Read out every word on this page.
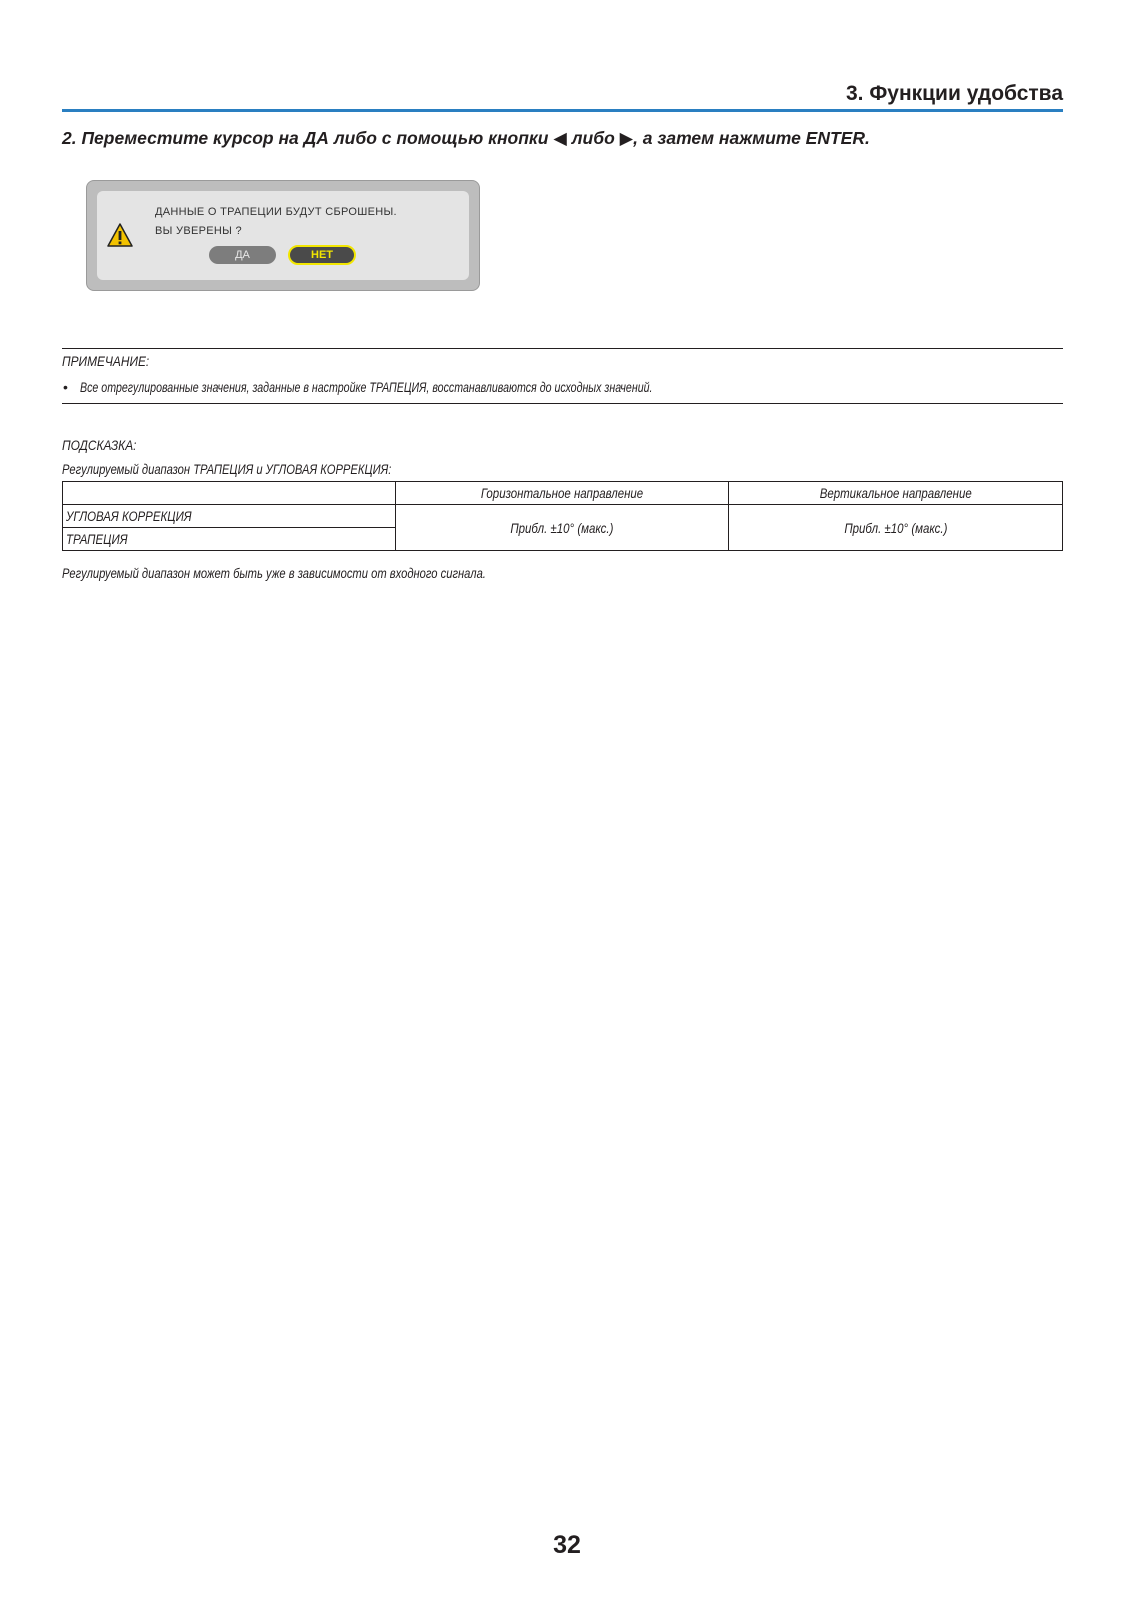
3. Функции удобства
2. Переместите курсор на ДА либо с помощью кнопки ◀ либо ▶, а затем нажмите ENTER.
ДАННЫЕ О ТРАПЕЦИИ БУДУТ СБРОШЕНЫ.
ВЫ УВЕРЕНЫ ?
ДА	НЕТ
ПРИМЕЧАНИЕ:
• Все отрегулированные значения, заданные в настройке ТРАПЕЦИЯ, восстанавливаются до исходных значений.
ПОДСКАЗКА:
Регулируемый диапазон ТРАПЕЦИЯ и УГЛОВАЯ КОРРЕКЦИЯ:
	Горизонтальное направление	Вертикальное направление
УГЛОВАЯ КОРРЕКЦИЯ	Прибл. ±10° (макс.)	Прибл. ±10° (макс.)
ТРАПЕЦИЯ		
Регулируемый диапазон может быть уже в зависимости от входного сигнала.
32
